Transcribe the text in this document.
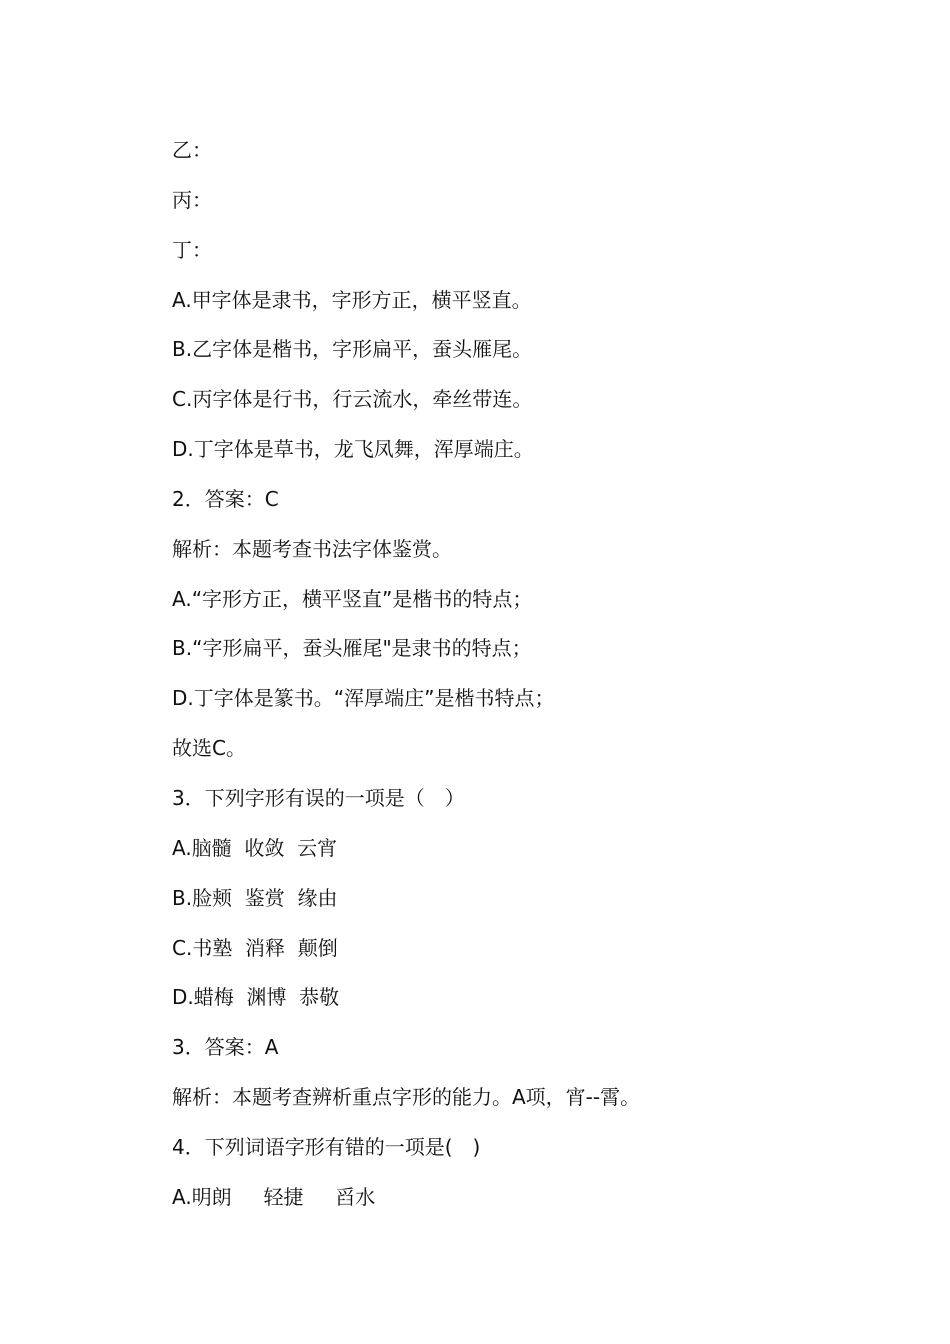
乙：
丙：
丁：
A.甲字体是隶书，字形方正，横平竖直。
B.乙字体是楷书，字形扁平，蚕头雁尾。
C.丙字体是行书，行云流水，牵丝带连。
D.丁字体是草书，龙飞凤舞，浑厚端庄。
2．答案：C
解析：本题考查书法字体鉴赏。
A.“字形方正，横平竖直”是楷书的特点；
B.“字形扁平，蚕头雁尾"是隶书的特点；
D.丁字体是篆书。“浑厚端庄”是楷书特点；
故选C。
3．下列字形有误的一项是（　）
A.脑髓  收敛  云宵
B.脸颊  鉴赏  缘由
C.书塾  消释  颠倒
D.蜡梅  渊博  恭敬
3．答案：A
解析：本题考查辨析重点字形的能力。A项，宵--霄。
4．下列词语字形有错的一项是(　)
A.明朗     轻捷     舀水
